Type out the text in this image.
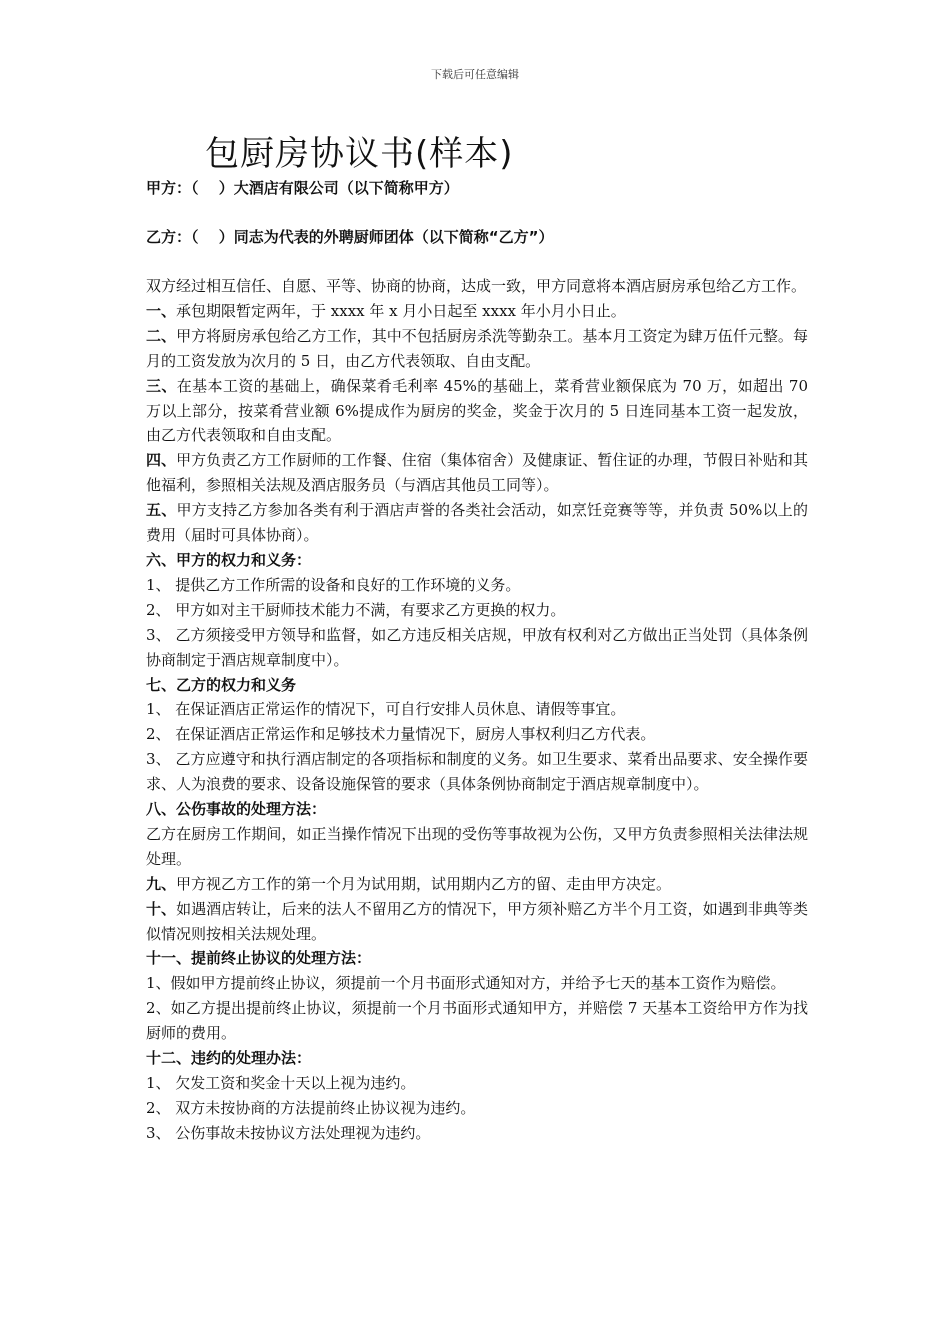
下载后可任意编辑
包厨房协议书(样本)
甲方：（　 ）大酒店有限公司（以下简称甲方）
乙方：（　 ）同志为代表的外聘厨师团体（以下简称“乙方”）

双方经过相互信任、自愿、平等、协商的协商，达成一致，甲方同意将本酒店厨房承包给乙方工作。

一、承包期限暂定两年，于 xxxx 年 x 月小日起至 xxxx 年小月小日止。

二、甲方将厨房承包给乙方工作，其中不包括厨房杀洗等勤杂工。基本月工资定为肆万伍仟元整。每月的工资发放为次月的 5 日，由乙方代表领取、自由支配。

三、在基本工资的基础上，确保菜肴毛利率 45%的基础上，菜肴营业额保底为 70 万，如超出 70 万以上部分，按菜肴营业额 6%提成作为厨房的奖金，奖金于次月的 5 日连同基本工资一起发放，由乙方代表领取和自由支配。

四、甲方负责乙方工作厨师的工作餐、住宿（集体宿舍）及健康证、暂住证的办理，节假日补贴和其他福利，参照相关法规及酒店服务员（与酒店其他员工同等）。

五、甲方支持乙方参加各类有利于酒店声誉的各类社会活动，如烹饪竞赛等等，并负责 50%以上的费用（届时可具体协商）。

六、甲方的权力和义务：

1、 提供乙方工作所需的设备和良好的工作环境的义务。

2、 甲方如对主干厨师技术能力不满，有要求乙方更换的权力。

3、 乙方须接受甲方领导和监督，如乙方违反相关店规，甲放有权利对乙方做出正当处罚（具体条例协商制定于酒店规章制度中）。

七、乙方的权力和义务

1、 在保证酒店正常运作的情况下，可自行安排人员休息、请假等事宜。

2、 在保证酒店正常运作和足够技术力量情况下，厨房人事权利归乙方代表。

3、 乙方应遵守和执行酒店制定的各项指标和制度的义务。如卫生要求、菜肴出品要求、安全操作要求、人为浪费的要求、设备设施保管的要求（具体条例协商制定于酒店规章制度中）。

八、公伤事故的处理方法：

乙方在厨房工作期间，如正当操作情况下出现的受伤等事故视为公伤，又甲方负责参照相关法律法规处理。

九、甲方视乙方工作的第一个月为试用期，试用期内乙方的留、走由甲方决定。

十、如遇酒店转让，后来的法人不留用乙方的情况下，甲方须补赔乙方半个月工资，如遇到非典等类似情况则按相关法规处理。

十一、提前终止协议的处理方法：

1、假如甲方提前终止协议，须提前一个月书面形式通知对方，并给予七天的基本工资作为赔偿。

2、如乙方提出提前终止协议，须提前一个月书面形式通知甲方，并赔偿 7 天基本工资给甲方作为找厨师的费用。

十二、违约的处理办法：

1、 欠发工资和奖金十天以上视为违约。

2、 双方未按协商的方法提前终止协议视为违约。

3、 公伤事故未按协议方法处理视为违约。
